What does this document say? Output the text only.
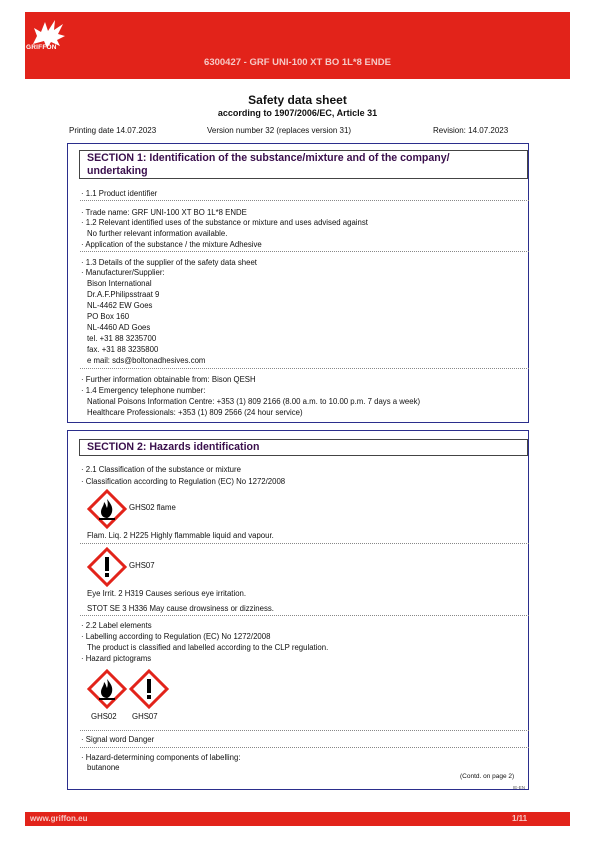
GRIFFON
6300427 - GRF UNI-100 XT BO 1L*8 ENDE
Safety data sheet
according to 1907/2006/EC, Article 31
Printing date 14.07.2023	Version number 32 (replaces version 31)	Revision: 14.07.2023
SECTION 1: Identification of the substance/mixture and of the company/
undertaking
· 1.1 Product identifier
· Trade name: GRF UNI-100 XT BO 1L*8 ENDE
· 1.2 Relevant identified uses of the substance or mixture and uses advised against
No further relevant information available.
· Application of the substance / the mixture Adhesive
· 1.3 Details of the supplier of the safety data sheet
· Manufacturer/Supplier:
Bison International
Dr.A.F.Philipsstraat 9
NL-4462 EW Goes
PO Box 160
NL-4460 AD Goes
tel. +31 88 3235700
fax. +31 88 3235800
e mail: sds@boltonadhesives.com
· Further information obtainable from: Bison QESH
· 1.4 Emergency telephone number:
National Poisons Information Centre: +353 (1) 809 2166 (8.00 a.m. to 10.00 p.m. 7 days a week)
Healthcare Professionals: +353 (1) 809 2566 (24 hour service)
SECTION 2: Hazards identification
· 2.1 Classification of the substance or mixture
· Classification according to Regulation (EC) No 1272/2008
GHS02 flame
Flam. Liq. 2 H225 Highly flammable liquid and vapour.
GHS07
Eye Irrit. 2 H319 Causes serious eye irritation.
STOT SE 3 H336 May cause drowsiness or dizziness.
· 2.2 Label elements
· Labelling according to Regulation (EC) No 1272/2008
The product is classified and labelled according to the CLP regulation.
· Hazard pictograms
GHS02 GHS07
· Signal word Danger
· Hazard-determining components of labelling:
butanone
(Contd. on page 2)
IE-EN
www.griffon.eu	1/11
